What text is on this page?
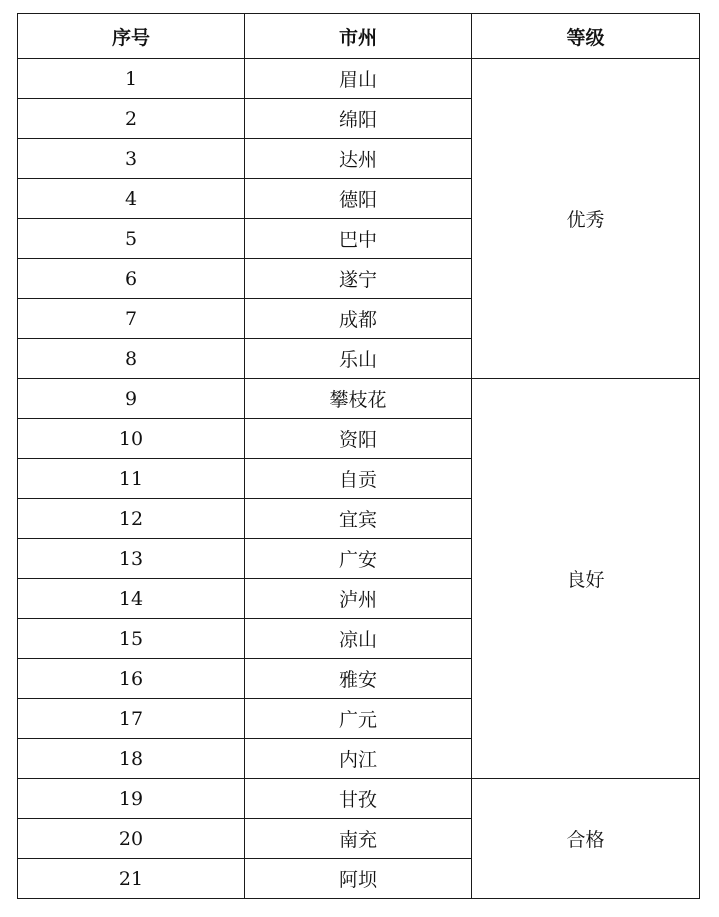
序号	市州	等级
1	眉山	优秀
2	绵阳	
3	达州	
4	德阳	
5	巴中	
6	遂宁	
7	成都	
8	乐山	
9	攀枝花	良好
10	资阳	
11	自贡	
12	宜宾	
13	广安	
14	泸州	
15	凉山	
16	雅安	
17	广元	
18	内江	
19	甘孜	合格
20	南充	
21	阿坝	
